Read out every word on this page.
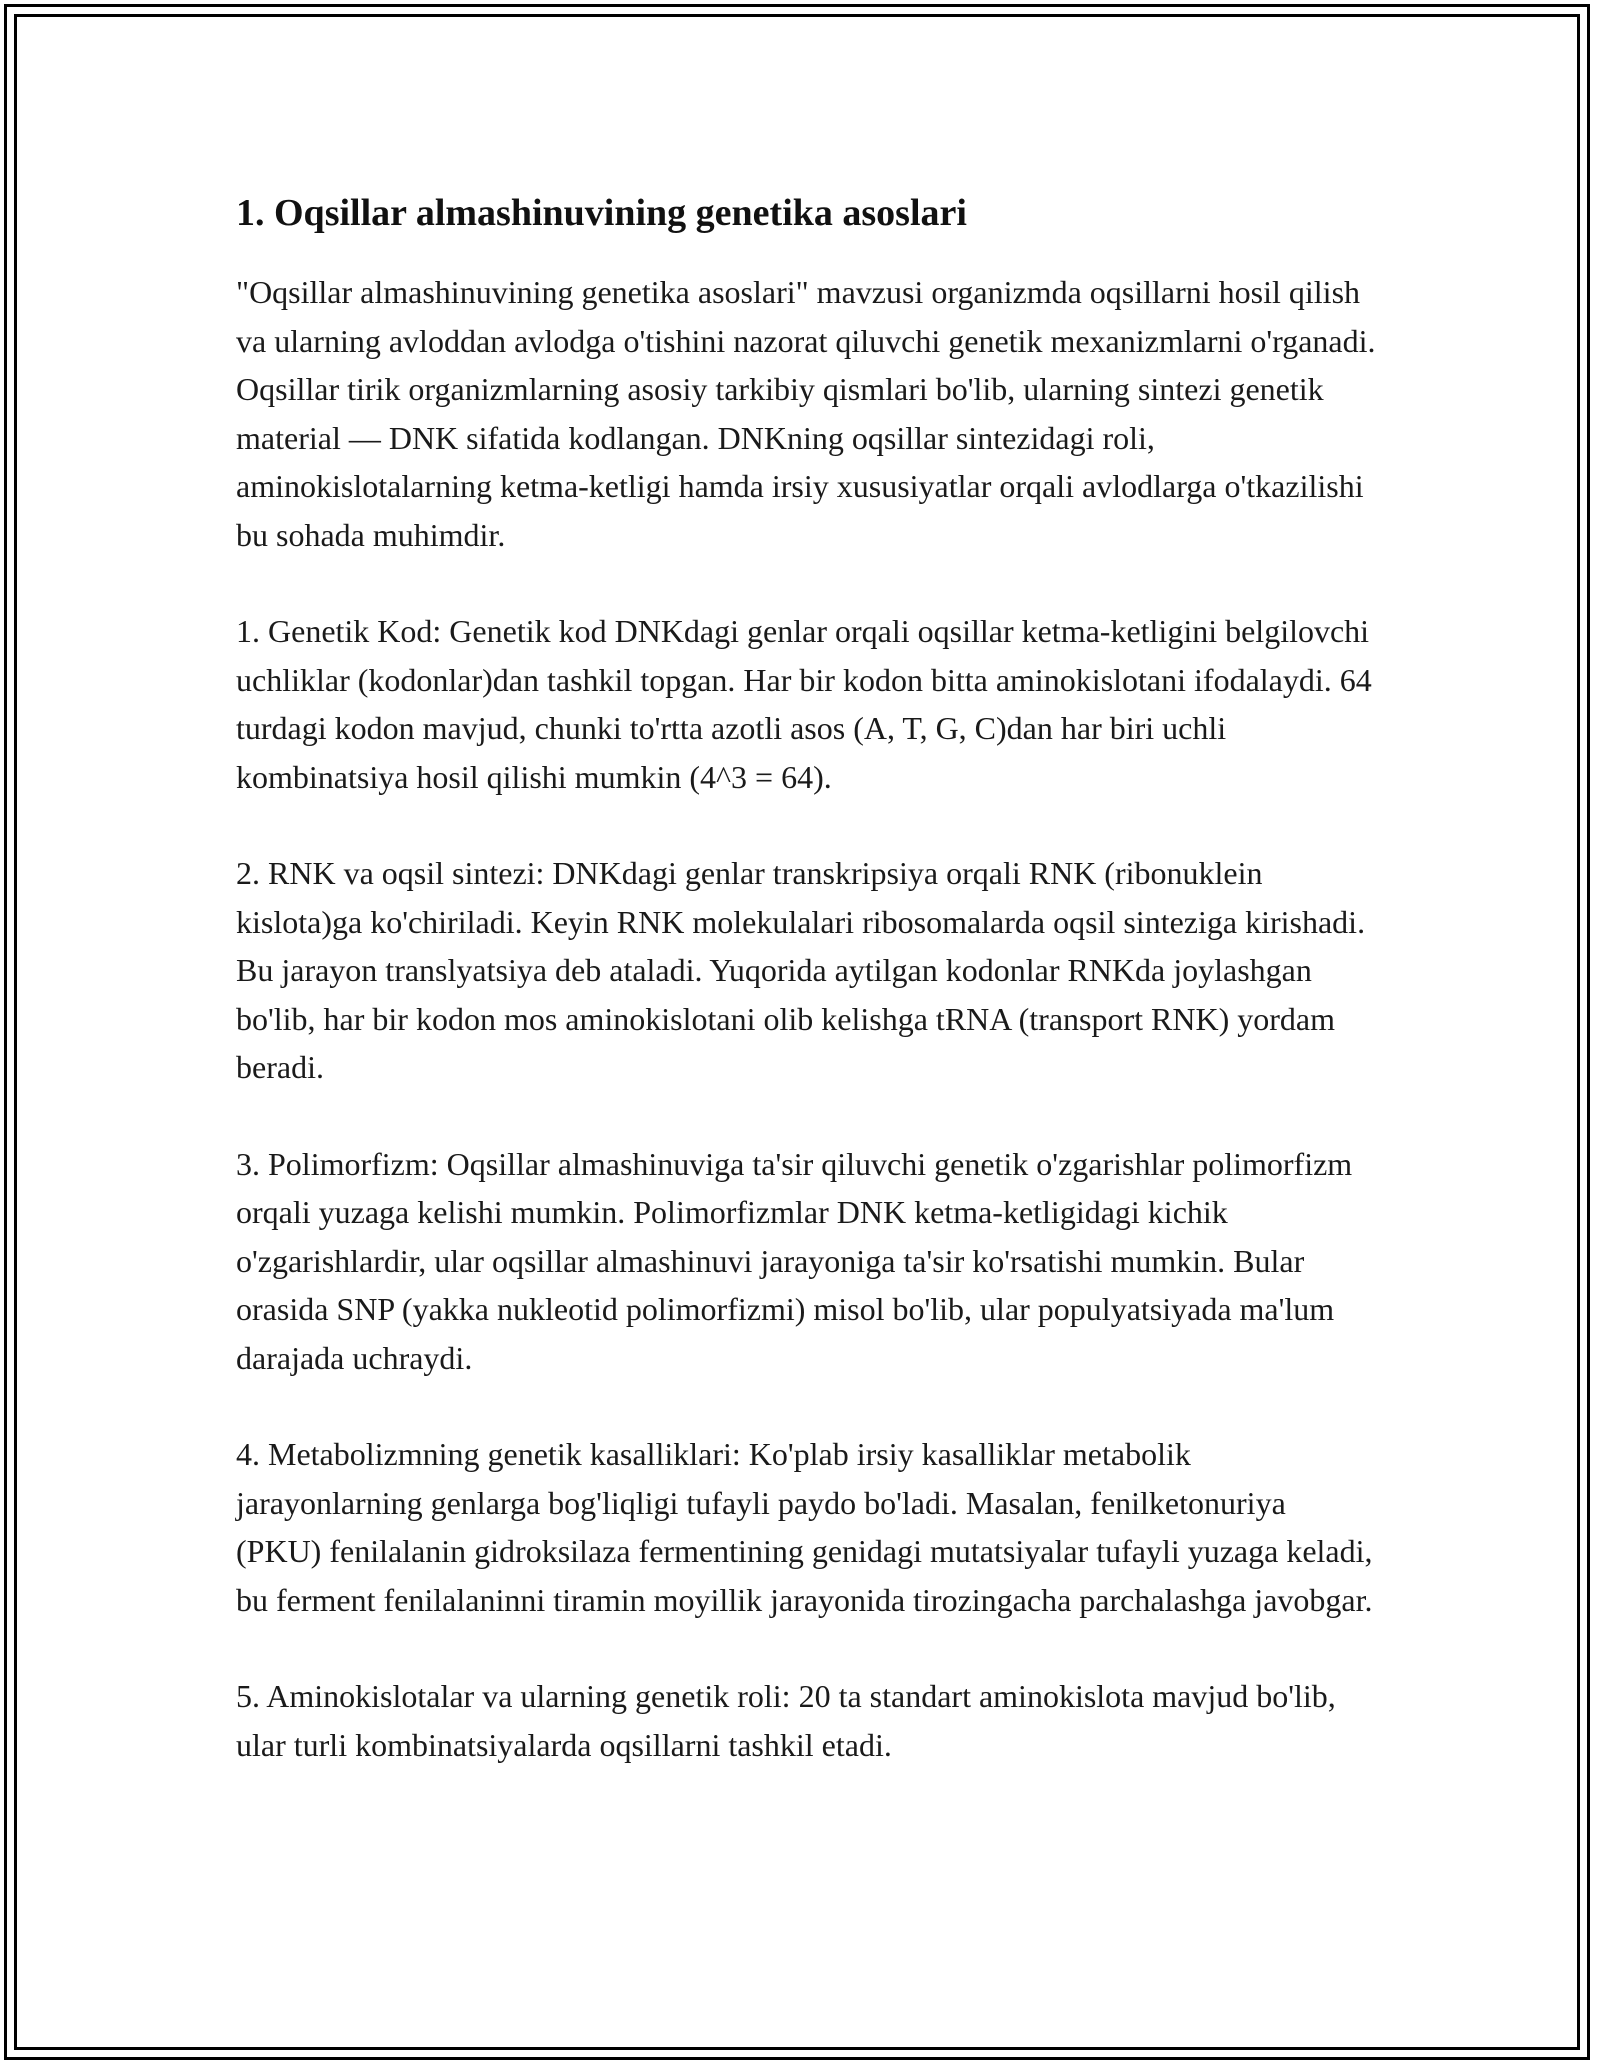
1. Oqsillar almashinuvining genetika asoslari

"Oqsillar almashinuvining genetika asoslari" mavzusi organizmda oqsillarni hosil qilish va ularning avloddan avlodga o'tishini nazorat qiluvchi genetik mexanizmlarni o'rganadi. Oqsillar tirik organizmlarning asosiy tarkibiy qismlari bo'lib, ularning sintezi genetik material — DNK sifatida kodlangan. DNKning oqsillar sintezidagi roli, aminokislotalarning ketma-ketligi hamda irsiy xususiyatlar orqali avlodlarga o'tkazilishi bu sohada muhimdir.

1. Genetik Kod: Genetik kod DNKdagi genlar orqali oqsillar ketma-ketligini belgilovchi uchliklar (kodonlar)dan tashkil topgan. Har bir kodon bitta aminokislotani ifodalaydi. 64 turdagi kodon mavjud, chunki to'rtta azotli asos (A, T, G, C)dan har biri uchli kombinatsiya hosil qilishi mumkin (4^3 = 64).

2. RNK va oqsil sintezi: DNKdagi genlar transkripsiya orqali RNK (ribonuklein kislota)ga ko'chiriladi. Keyin RNK molekulalari ribosomalarda oqsil sinteziga kirishadi. Bu jarayon translyatsiya deb ataladi. Yuqorida aytilgan kodonlar RNKda joylashgan bo'lib, har bir kodon mos aminokislotani olib kelishga tRNA (transport RNK) yordam beradi.

3. Polimorfizm: Oqsillar almashinuviga ta'sir qiluvchi genetik o'zgarishlar polimorfizm orqali yuzaga kelishi mumkin. Polimorfizmlar DNK ketma-ketligidagi kichik o'zgarishlardir, ular oqsillar almashinuvi jarayoniga ta'sir ko'rsatishi mumkin. Bular orasida SNP (yakka nukleotid polimorfizmi) misol bo'lib, ular populyatsiyada ma'lum darajada uchraydi.

4. Metabolizmning genetik kasalliklari: Ko'plab irsiy kasalliklar metabolik jarayonlarning genlarga bog'liqligi tufayli paydo bo'ladi. Masalan, fenilketonuriya (PKU) fenilalanin gidroksilaza fermentining genidagi mutatsiyalar tufayli yuzaga keladi, bu ferment fenilalaninni tiramin moyillik jarayonida tirozingacha parchalashga javobgar.

5. Aminokislotalar va ularning genetik roli: 20 ta standart aminokislota mavjud bo'lib, ular turli kombinatsiyalarda oqsillarni tashkil etadi.
